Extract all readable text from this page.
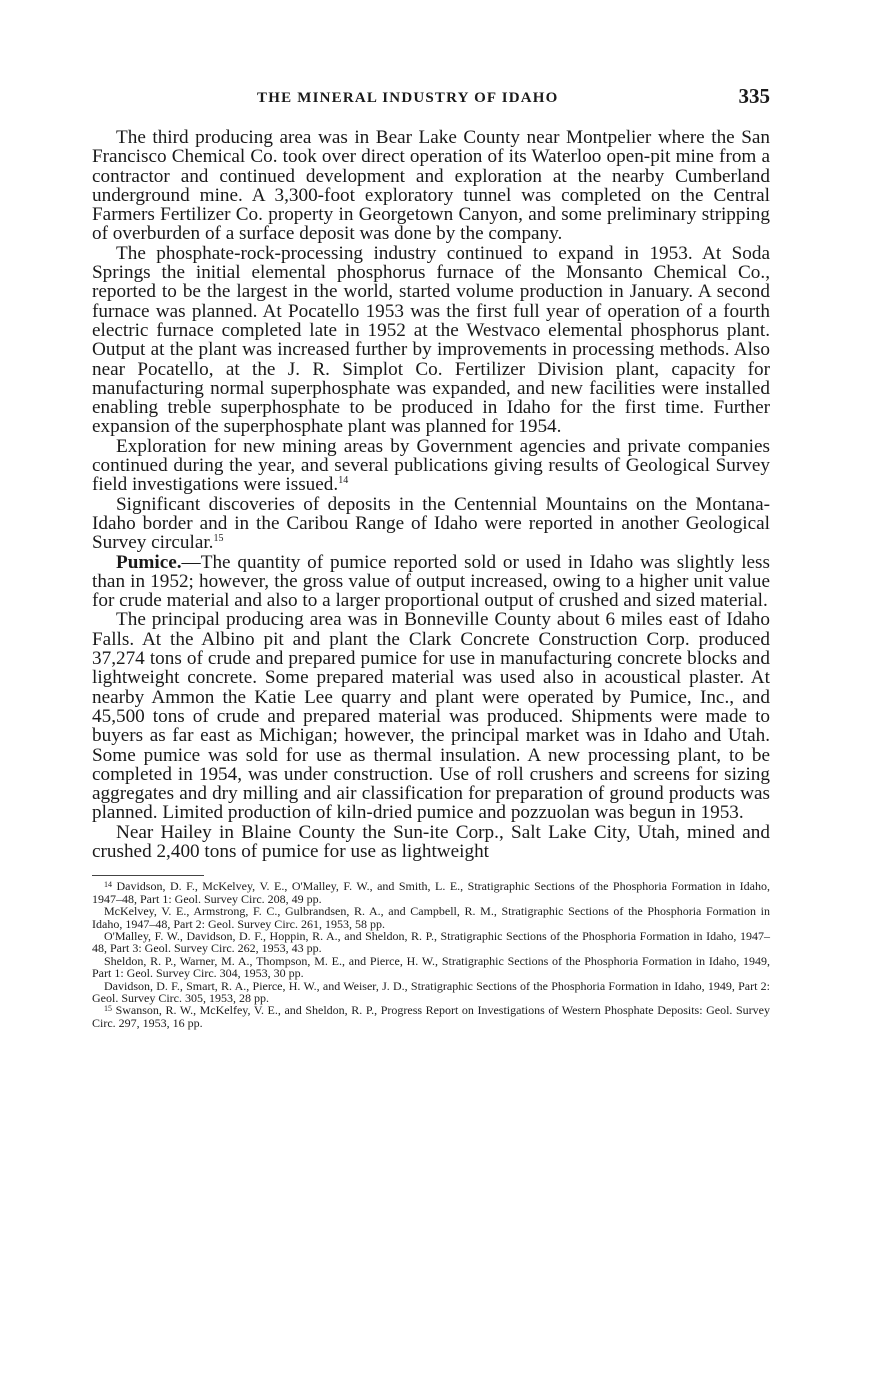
THE MINERAL INDUSTRY OF IDAHO	335

The third producing area was in Bear Lake County near Montpelier where the San Francisco Chemical Co. took over direct operation of its Waterloo open-pit mine from a contractor and continued development and exploration at the nearby Cumberland underground mine. A 3,300-foot exploratory tunnel was completed on the Central Farmers Fertilizer Co. property in Georgetown Canyon, and some preliminary stripping of overburden of a surface deposit was done by the company.

The phosphate-rock-processing industry continued to expand in 1953. At Soda Springs the initial elemental phosphorus furnace of the Monsanto Chemical Co., reported to be the largest in the world, started volume production in January. A second furnace was planned. At Pocatello 1953 was the first full year of operation of a fourth electric furnace completed late in 1952 at the Westvaco elemental phosphorus plant. Output at the plant was increased further by improvements in processing methods. Also near Pocatello, at the J. R. Simplot Co. Fertilizer Division plant, capacity for manufacturing normal superphosphate was expanded, and new facilities were installed enabling treble superphosphate to be produced in Idaho for the first time. Further expansion of the superphosphate plant was planned for 1954.

Exploration for new mining areas by Government agencies and private companies continued during the year, and several publications giving results of Geological Survey field investigations were issued.$^{14}$

Significant discoveries of deposits in the Centennial Mountains on the Montana-Idaho border and in the Caribou Range of Idaho were reported in another Geological Survey circular.$^{15}$

Pumice.—The quantity of pumice reported sold or used in Idaho was slightly less than in 1952; however, the gross value of output increased, owing to a higher unit value for crude material and also to a larger proportional output of crushed and sized material.

The principal producing area was in Bonneville County about 6 miles east of Idaho Falls. At the Albino pit and plant the Clark Concrete Construction Corp. produced 37,274 tons of crude and prepared pumice for use in manufacturing concrete blocks and lightweight concrete. Some prepared material was used also in acoustical plaster. At nearby Ammon the Katie Lee quarry and plant were operated by Pumice, Inc., and 45,500 tons of crude and prepared material was produced. Shipments were made to buyers as far east as Michigan; however, the principal market was in Idaho and Utah. Some pumice was sold for use as thermal insulation. A new processing plant, to be completed in 1954, was under construction. Use of roll crushers and screens for sizing aggregates and dry milling and air classification for preparation of ground products was planned. Limited production of kiln-dried pumice and pozzuolan was begun in 1953.

Near Hailey in Blaine County the Sun-ite Corp., Salt Lake City, Utah, mined and crushed 2,400 tons of pumice for use as lightweight

$^{14}$ Davidson, D. F., McKelvey, V. E., O'Malley, F. W., and Smith, L. E., Stratigraphic Sections of the Phosphoria Formation in Idaho, 1947–48, Part 1: Geol. Survey Circ. 208, 49 pp.

McKelvey, V. E., Armstrong, F. C., Gulbrandsen, R. A., and Campbell, R. M., Stratigraphic Sections of the Phosphoria Formation in Idaho, 1947–48, Part 2: Geol. Survey Circ. 261, 1953, 58 pp.

O'Malley, F. W., Davidson, D. F., Hoppin, R. A., and Sheldon, R. P., Stratigraphic Sections of the Phosphoria Formation in Idaho, 1947–48, Part 3: Geol. Survey Circ. 262, 1953, 43 pp.

Sheldon, R. P., Warner, M. A., Thompson, M. E., and Pierce, H. W., Stratigraphic Sections of the Phosphoria Formation in Idaho, 1949, Part 1: Geol. Survey Circ. 304, 1953, 30 pp.

Davidson, D. F., Smart, R. A., Pierce, H. W., and Weiser, J. D., Stratigraphic Sections of the Phosphoria Formation in Idaho, 1949, Part 2: Geol. Survey Circ. 305, 1953, 28 pp.

$^{15}$ Swanson, R. W., McKelfey, V. E., and Sheldon, R. P., Progress Report on Investigations of Western Phosphate Deposits: Geol. Survey Circ. 297, 1953, 16 pp.
